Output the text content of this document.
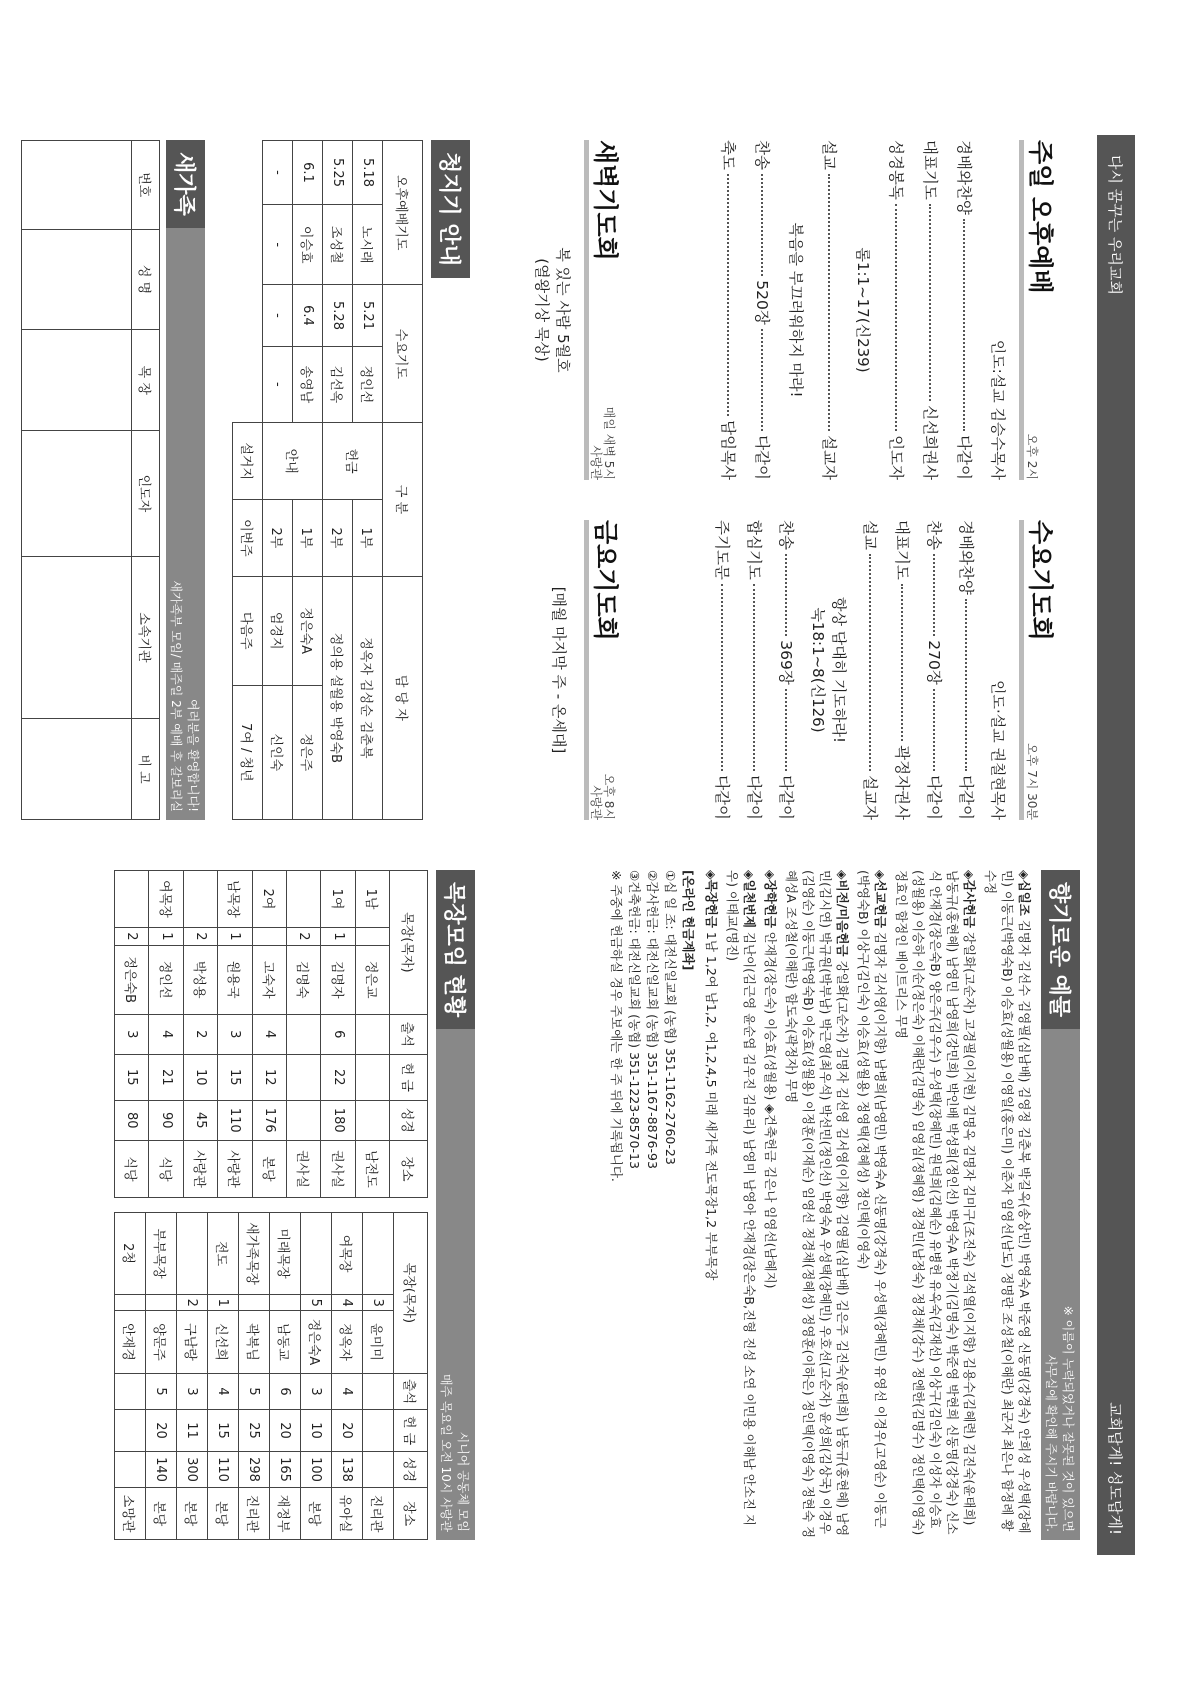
다시 꿈꾸는 우리교회
교회답게! 성도답게!
주일 오후예배
오후 2시
인도:설교 김승수목사
경배와찬양
다같이
대표기도
신선희권사
성경봉독
인도자
롬1:1~17(신239)
설교
설교자
복음을 부끄러워하지 마라!
찬송
520장
다같이
축도
담임목사
수요기도회
오후 7시 30분
인도·설교 권칠현목사
경배와찬양
다같이
찬송
270장
다같이
대표기도
곽정자권사
설교
설교자
항상 담대히 기도하라!
눅18:1~8(신126)
찬송
369장
다같이
합심기도
다같이
주기도문
다같이
새벽기도회
매일 새벽 5시
사랑관
복 있는 사람 5월호
(열왕기상 묵상)
금요기도회
오후 8시
사랑관
[매월 마지막 주 - 온세대]
청지기 안내
오후예배기도		수요기도		구 분		담 당 자	
5.18	노시래	5.21	정인선	헌금	1부	정옥자 김성순 김춘복	
5.25	조성철	5.28	김선옥		2부	정의용 설월용 박영숙B	
6.1	이승효	6.4	송영남	안내	1부	정은숙A	정은주
-	-	-	-		2부	엄경지	신인숙
				설거지	이번주	다음주	7여 / 청년
새가족
여러분을 환영합니다!
새가족부 모임/ 매주일 2부 예배 후 갈보리실
번호	성 명	목 장	인도자	소속기관	비 고

향기로운 예물
※ 이름이 누락되었거나 잘못된 것이 있으면
사무실에 확인해 주시기 바랍니다.
◈십일조 김명자 김선수 김영필(심남배) 김영정 김춘복 박길옥(송상민) 박영숙A 박준영 신동명(강경숙) 안희성 우성택(장혜민) 이동근(박영숙B) 이승효(성월용) 이영일(홍은미) 이춘자 임영선(남도) 정명란 조성철(이해란) 최군자 최은나 함정례 황수정
◈감사헌금 강일화(고순자) 고경필(이지현) 김명옥 김명자 김미구(조진숙) 김석열(이지향) 김용수(김혜련) 김진숙(윤태희) 남동규(홍현혜) 남영민 남영희(강민희) 박인배 박성희(정인선) 박영숙A 박정기(김명숙) 박준영 박현희 신동명(강경숙) 신소식 안재경(장은숙B) 양은주(김우수) 우성택(장혜민) 원덕희(김혜순) 유병헌 유옥숙(김재선) 이상구(김인숙) 이성자 이승효(성월용) 이승하 이순(정은숙) 이해란(김명숙) 임영심(정혜영) 정경민(남정숙) 정경채(강수) 정엔한(김명수) 정인택(이영숙) 정효인 함정인 베이트리스 무명
◈선교헌금 김명자 김서영(이지향) 남병희(남영민) 박영숙A 신동명(강경숙) 우성택(장혜민) 유영선 이경우(고영순) 이동근(박영숙B) 이상구(김인숙) 이승효(성월용) 정영택(정혜성) 정인택(이영숙)
◈비전/미음헌금 강일화(고순자) 김명자 김선영 김서영(이지향) 김영필(심남배) 김은주 김진숙(윤태희) 남동규(홍현혜) 남영민(김시연) 박규원(박부남) 박근영(최우석) 박선민(정인선) 박영숙A 우성택(장혜민) 우호선(고순자) 윤성희(김상국) 이경우(김영순) 이동근(박영숙B) 이승효(성월용) 이정훈(이재순) 임영선 정경채(정혜성) 정영훈(이하은) 정인택(이영숙) 정현숙 정혜성A 조성철(이해란) 함도숙(곽정자) 무명
◈장학헌금 안재경(장은숙) 이승효(성월용) ◈건축헌금 김은나 임영선(남혜지)
◈일천번제 김난이(김근영 윤순엽 김우진 김유리) 남영미 남영아 안재경(장은숙B,진형 진성 소연 이민용 이해남 안소진 지우) 이태교(명진)
◈목장헌금 1남 1,2여 남1,2, 여1,2,4,5 미래 새가족 전도목장1,2 부부목장
[온라인 헌금계좌]
①십 일 조: 대전신일교회 (농협) 351-1162-2760-23
②감사헌금: 대전신일교회 (농협) 351-1167-8876-93
③건축헌금: 대전신일교회 (농협) 351-1223-8570-13
※ 주중에 헌금하실 경우 주보에는 한 주 뒤에 기록됩니다.
목장모임 현황
시니어 공동체 모임
매주 목요일 오전 10시 사랑관
목장(목자)			출석	헌 금	성경	장소
1남		정은교				남전도
1여	1	김명자	6	22	180	권사실
	2	김명숙				권사실
2여		고숙자	4	12	176	본당
남목장	1	원용국	3	15	110	사랑관
	2	박성용	2	10	45	사랑관
여목장	1	정인선	4	21	90	식당
	2	정은숙B	3	15	80	식당
목장(목자)			출석	헌 금	성경	장소
	3	윤미미				진리관
여목장	4	정옥자	4	20	138	유아실
	5	정은숙A	3	10	100	본당
미래목장		남동교	6	20	165	재정부
새가족목장		곽복님	5	25	298	진리관
전도	1	신선희	4	15	110	본당
	2	구남랑	3	11	300	본당
부부목장		양문주	5	20	140	본당
2청		안재경				소망관
